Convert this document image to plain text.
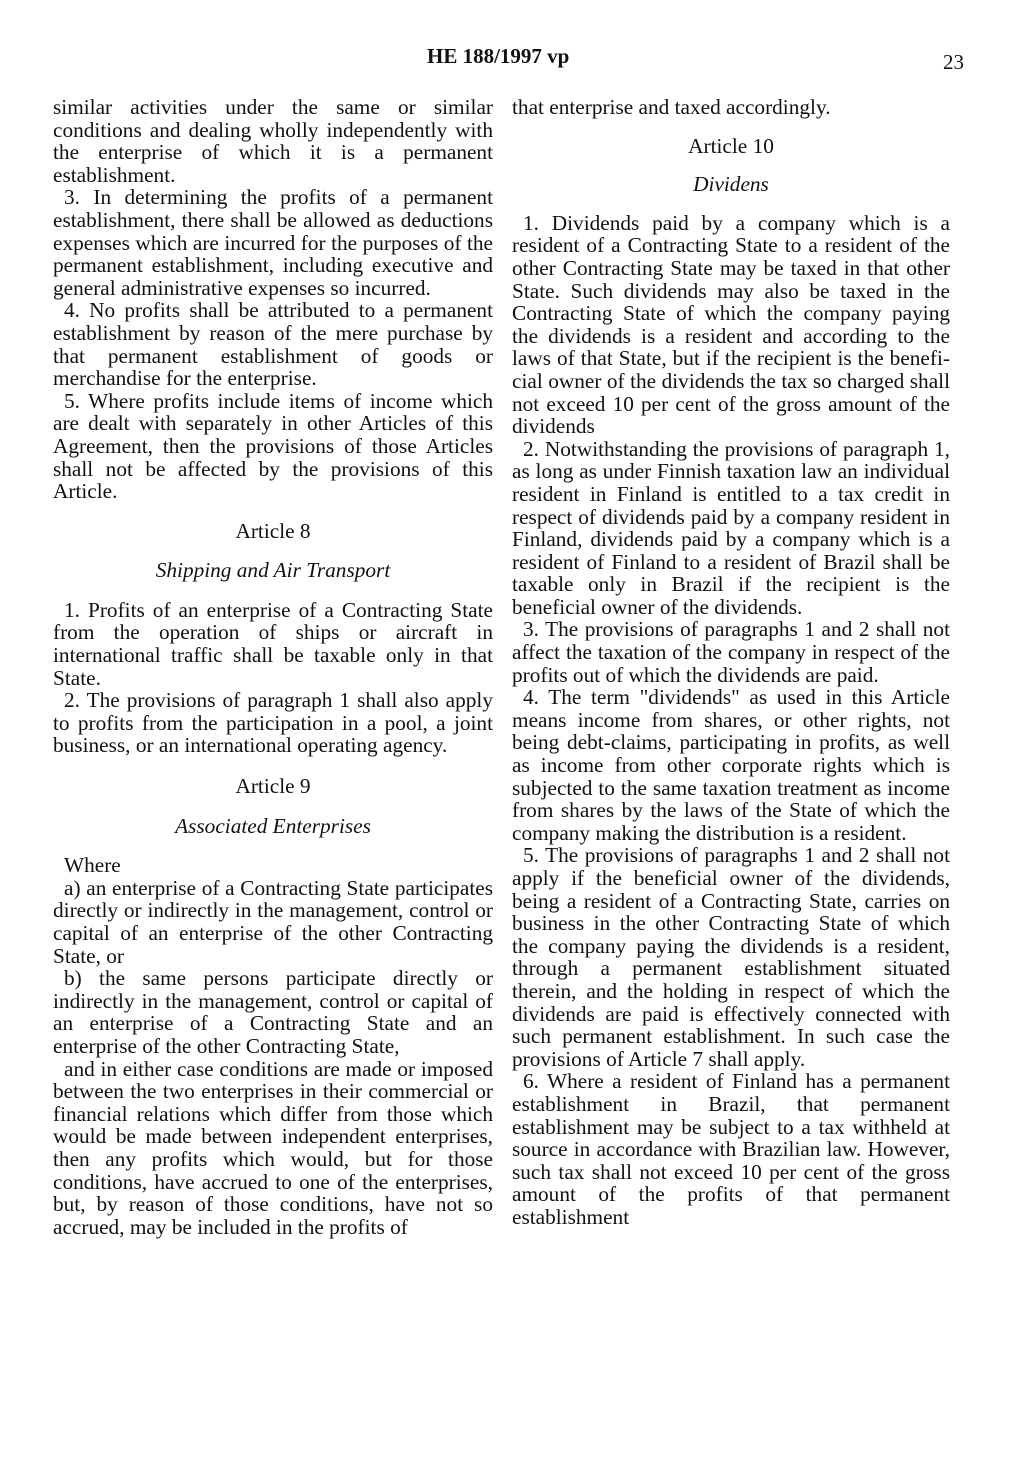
HE 188/1997 vp	23

similar activities under the same or similar conditions and dealing wholly independently with the enterprise of which it is a permanent establishment.

3. In determining the profits of a permanent establishment, there shall be allowed as deductions expenses which are incurred for the purposes of the permanent establishment, including executive and general administrative expenses so incurred.

4. No profits shall be attributed to a permanent establishment by reason of the mere purchase by that permanent establishment of goods or merchandise for the enterprise.

5. Where profits include items of income which are dealt with separately in other Articles of this Agreement, then the provisions of those Articles shall not be affected by the provisions of this Article.

Article 8

Shipping and Air Transport

1. Profits of an enterprise of a Contracting State from the operation of ships or aircraft in international traffic shall be taxable only in that State.

2. The provisions of paragraph 1 shall also apply to profits from the participation in a pool, a joint business, or an international operating agency.

Article 9

Associated Enterprises

Where

a) an enterprise of a Contracting State participates directly or indirectly in the management, control or capital of an enterprise of the other Contracting State, or

b) the same persons participate directly or indirectly in the management, control or capital of an enterprise of a Contracting State and an enterprise of the other Contracting State,

and in either case conditions are made or imposed between the two enterprises in their commercial or financial relations which differ from those which would be made between independent enterprises, then any profits which would, but for those conditions, have accrued to one of the enterprises, but, by reason of those conditions, have not so accrued, may be included in the profits of

that enterprise and taxed accordingly.

Article 10

Dividens

1. Dividends paid by a company which is a resident of a Contracting State to a resident of the other Contracting State may be taxed in that other State. Such dividends may also be taxed in the Contracting State of which the company paying the dividends is a resident and according to the laws of that State, but if the recipient is the beneficial owner of the dividends the tax so charged shall not exceed 10 per cent of the gross amount of the dividends

2. Notwithstanding the provisions of paragraph 1, as long as under Finnish taxation law an individual resident in Finland is entitled to a tax credit in respect of dividends paid by a company resident in Finland, dividends paid by a company which is a resident of Finland to a resident of Brazil shall be taxable only in Brazil if the recipient is the beneficial owner of the dividends.

3. The provisions of paragraphs 1 and 2 shall not affect the taxation of the company in respect of the profits out of which the dividends are paid.

4. The term "dividends" as used in this Article means income from shares, or other rights, not being debt-claims, participating in profits, as well as income from other corporate rights which is subjected to the same taxation treatment as income from shares by the laws of the State of which the company making the distribution is a resident.

5. The provisions of paragraphs 1 and 2 shall not apply if the beneficial owner of the dividends, being a resident of a Contracting State, carries on business in the other Contracting State of which the company paying the dividends is a resident, through a permanent establishment situated therein, and the holding in respect of which the dividends are paid is effectively connected with such permanent establishment. In such case the provisions of Article 7 shall apply.

6. Where a resident of Finland has a permanent establishment in Brazil, that permanent establishment may be subject to a tax withheld at source in accordance with Brazilian law. However, such tax shall not exceed 10 per cent of the gross amount of the profits of that permanent establishment
